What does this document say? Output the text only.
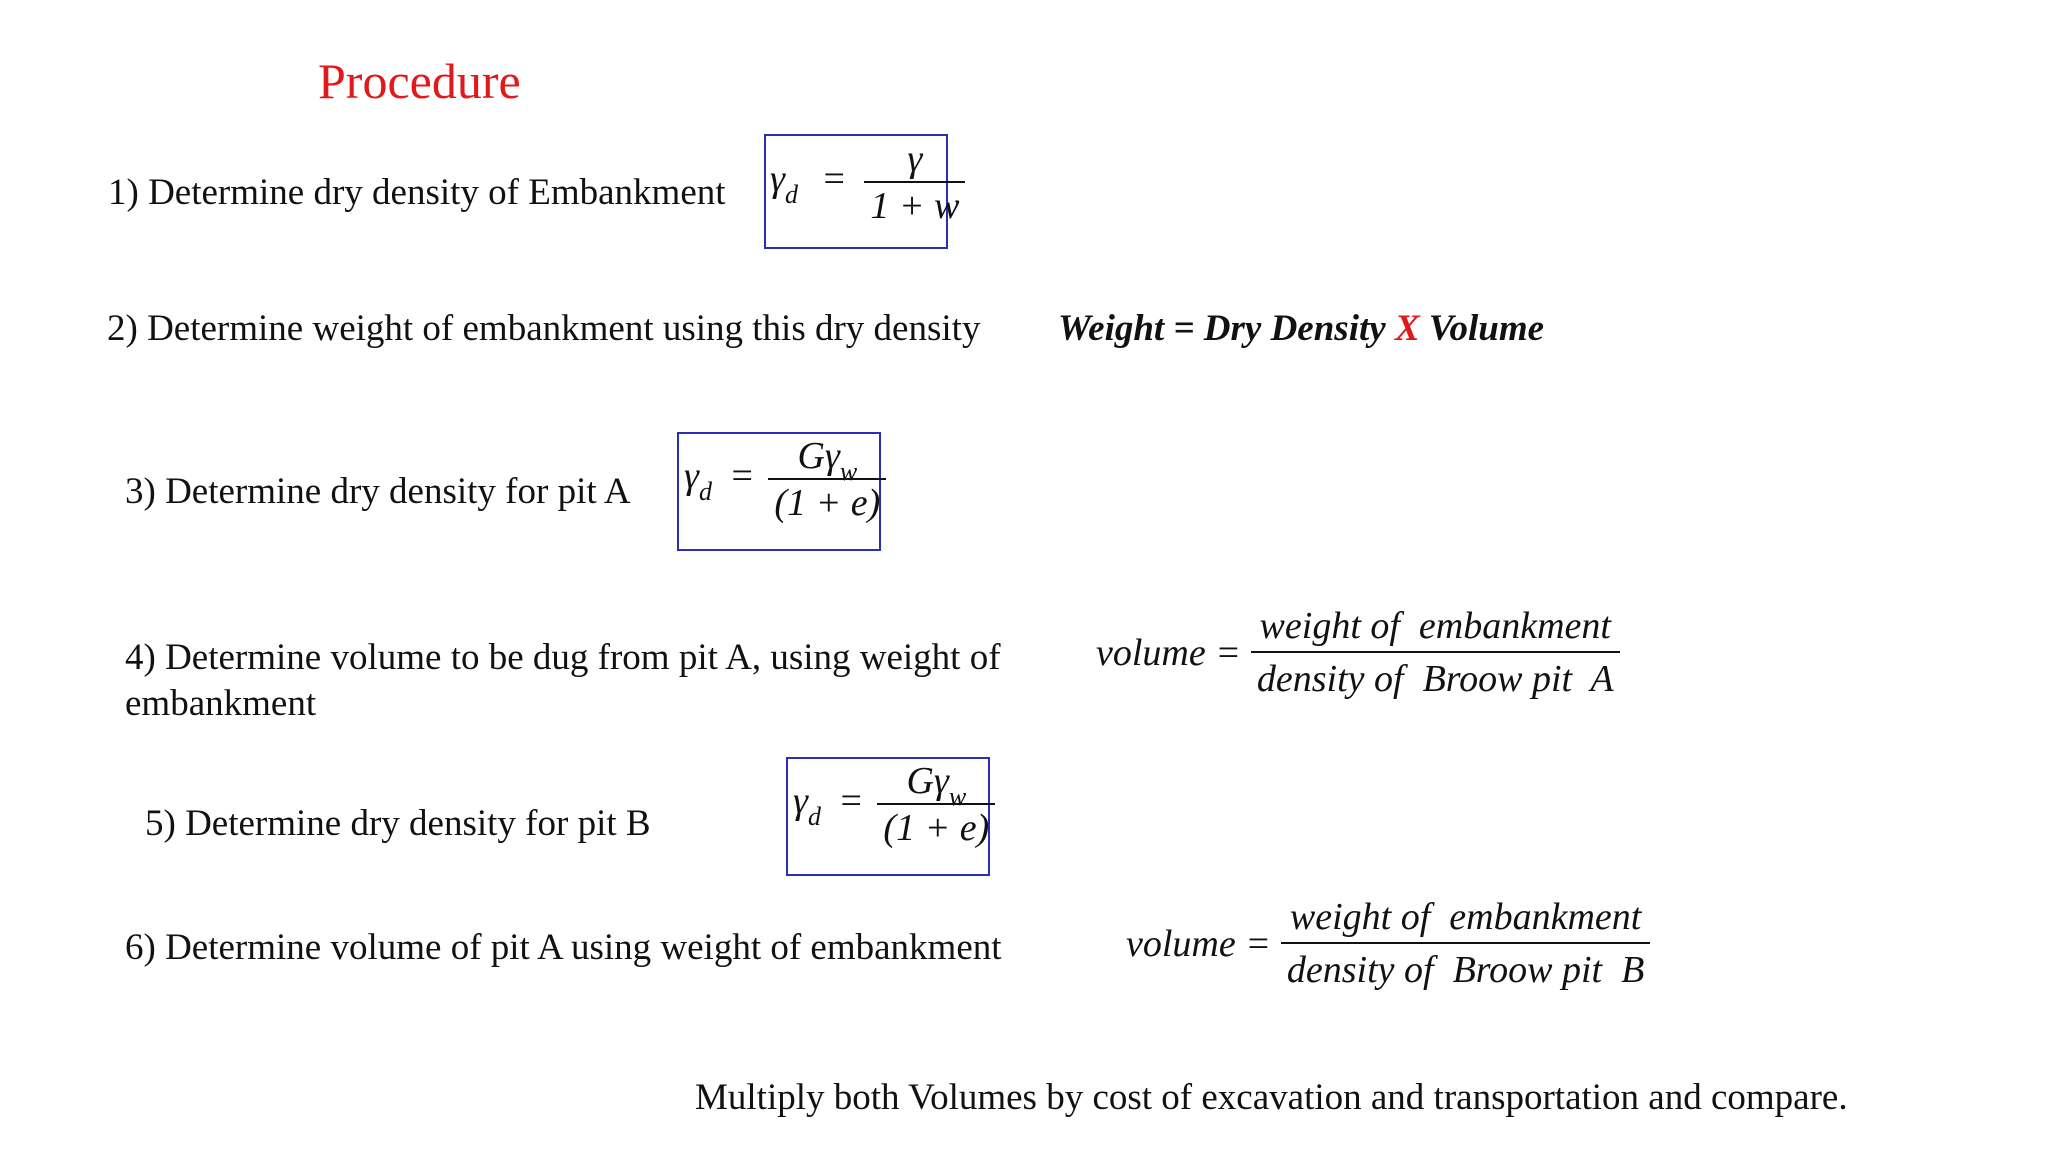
Procedure
1) Determine dry density of Embankment $\gamma_d = \frac{\gamma}{1 + w}$
2) Determine weight of embankment using this dry density Weight = Dry Density X Volume
3) Determine dry density for pit A $\gamma_d = \frac{G\gamma_w}{(1 + e)}$
4) Determine volume to be dug from pit A, using weight of embankment
volume = $\frac{\text{weight of  embankment}}{\text{density of  Broow pit  A}}$
5) Determine dry density for pit B
$\gamma_d = \frac{G\gamma_w}{(1 + e)}$
6) Determine volume of pit A using weight of embankment	volume = $\frac{\text{weight of  embankment}}{\text{density of  Broow pit  B}}$
Multiply both Volumes by cost of excavation and transportation and compare.
